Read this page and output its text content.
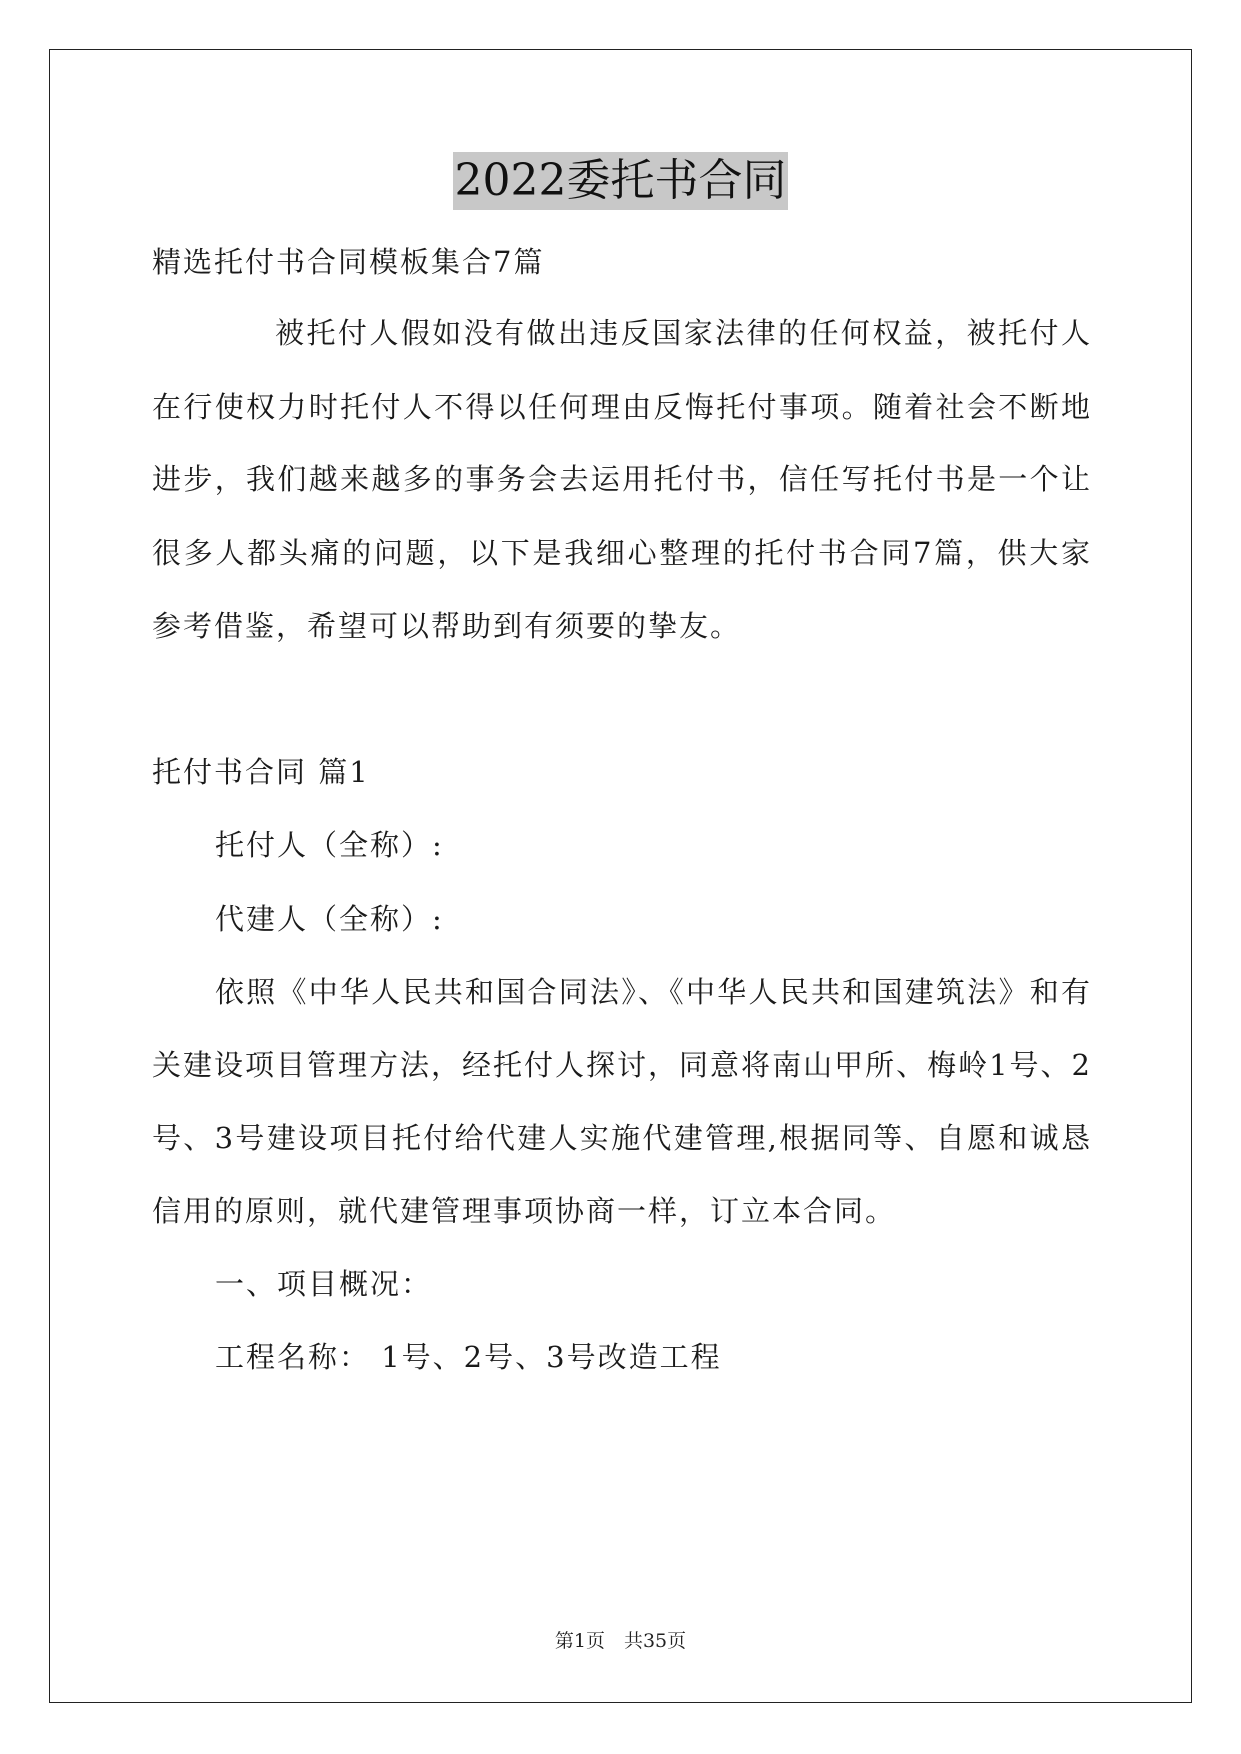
2022委托书合同
精选托付书合同模板集合7篇
被托付人假如没有做出违反国家法律的任何权益，被托付人
在行使权力时托付人不得以任何理由反悔托付事项。随着社会不断地
进步，我们越来越多的事务会去运用托付书，信任写托付书是一个让
很多人都头痛的问题，以下是我细心整理的托付书合同7篇，供大家
参考借鉴，希望可以帮助到有须要的挚友。
托付书合同 篇1
托付人（全称）:
代建人（全称）:
依照《中华人民共和国合同法》、《中华人民共和国建筑法》和有
关建设项目管理方法，经托付人探讨，同意将南山甲所、梅岭1号、2
号、3号建设项目托付给代建人实施代建管理,根据同等、自愿和诚恳
信用的原则，就代建管理事项协商一样，订立本合同。
一、项目概况：
工程名称： 1号、2号、3号改造工程
第1页　共35页
